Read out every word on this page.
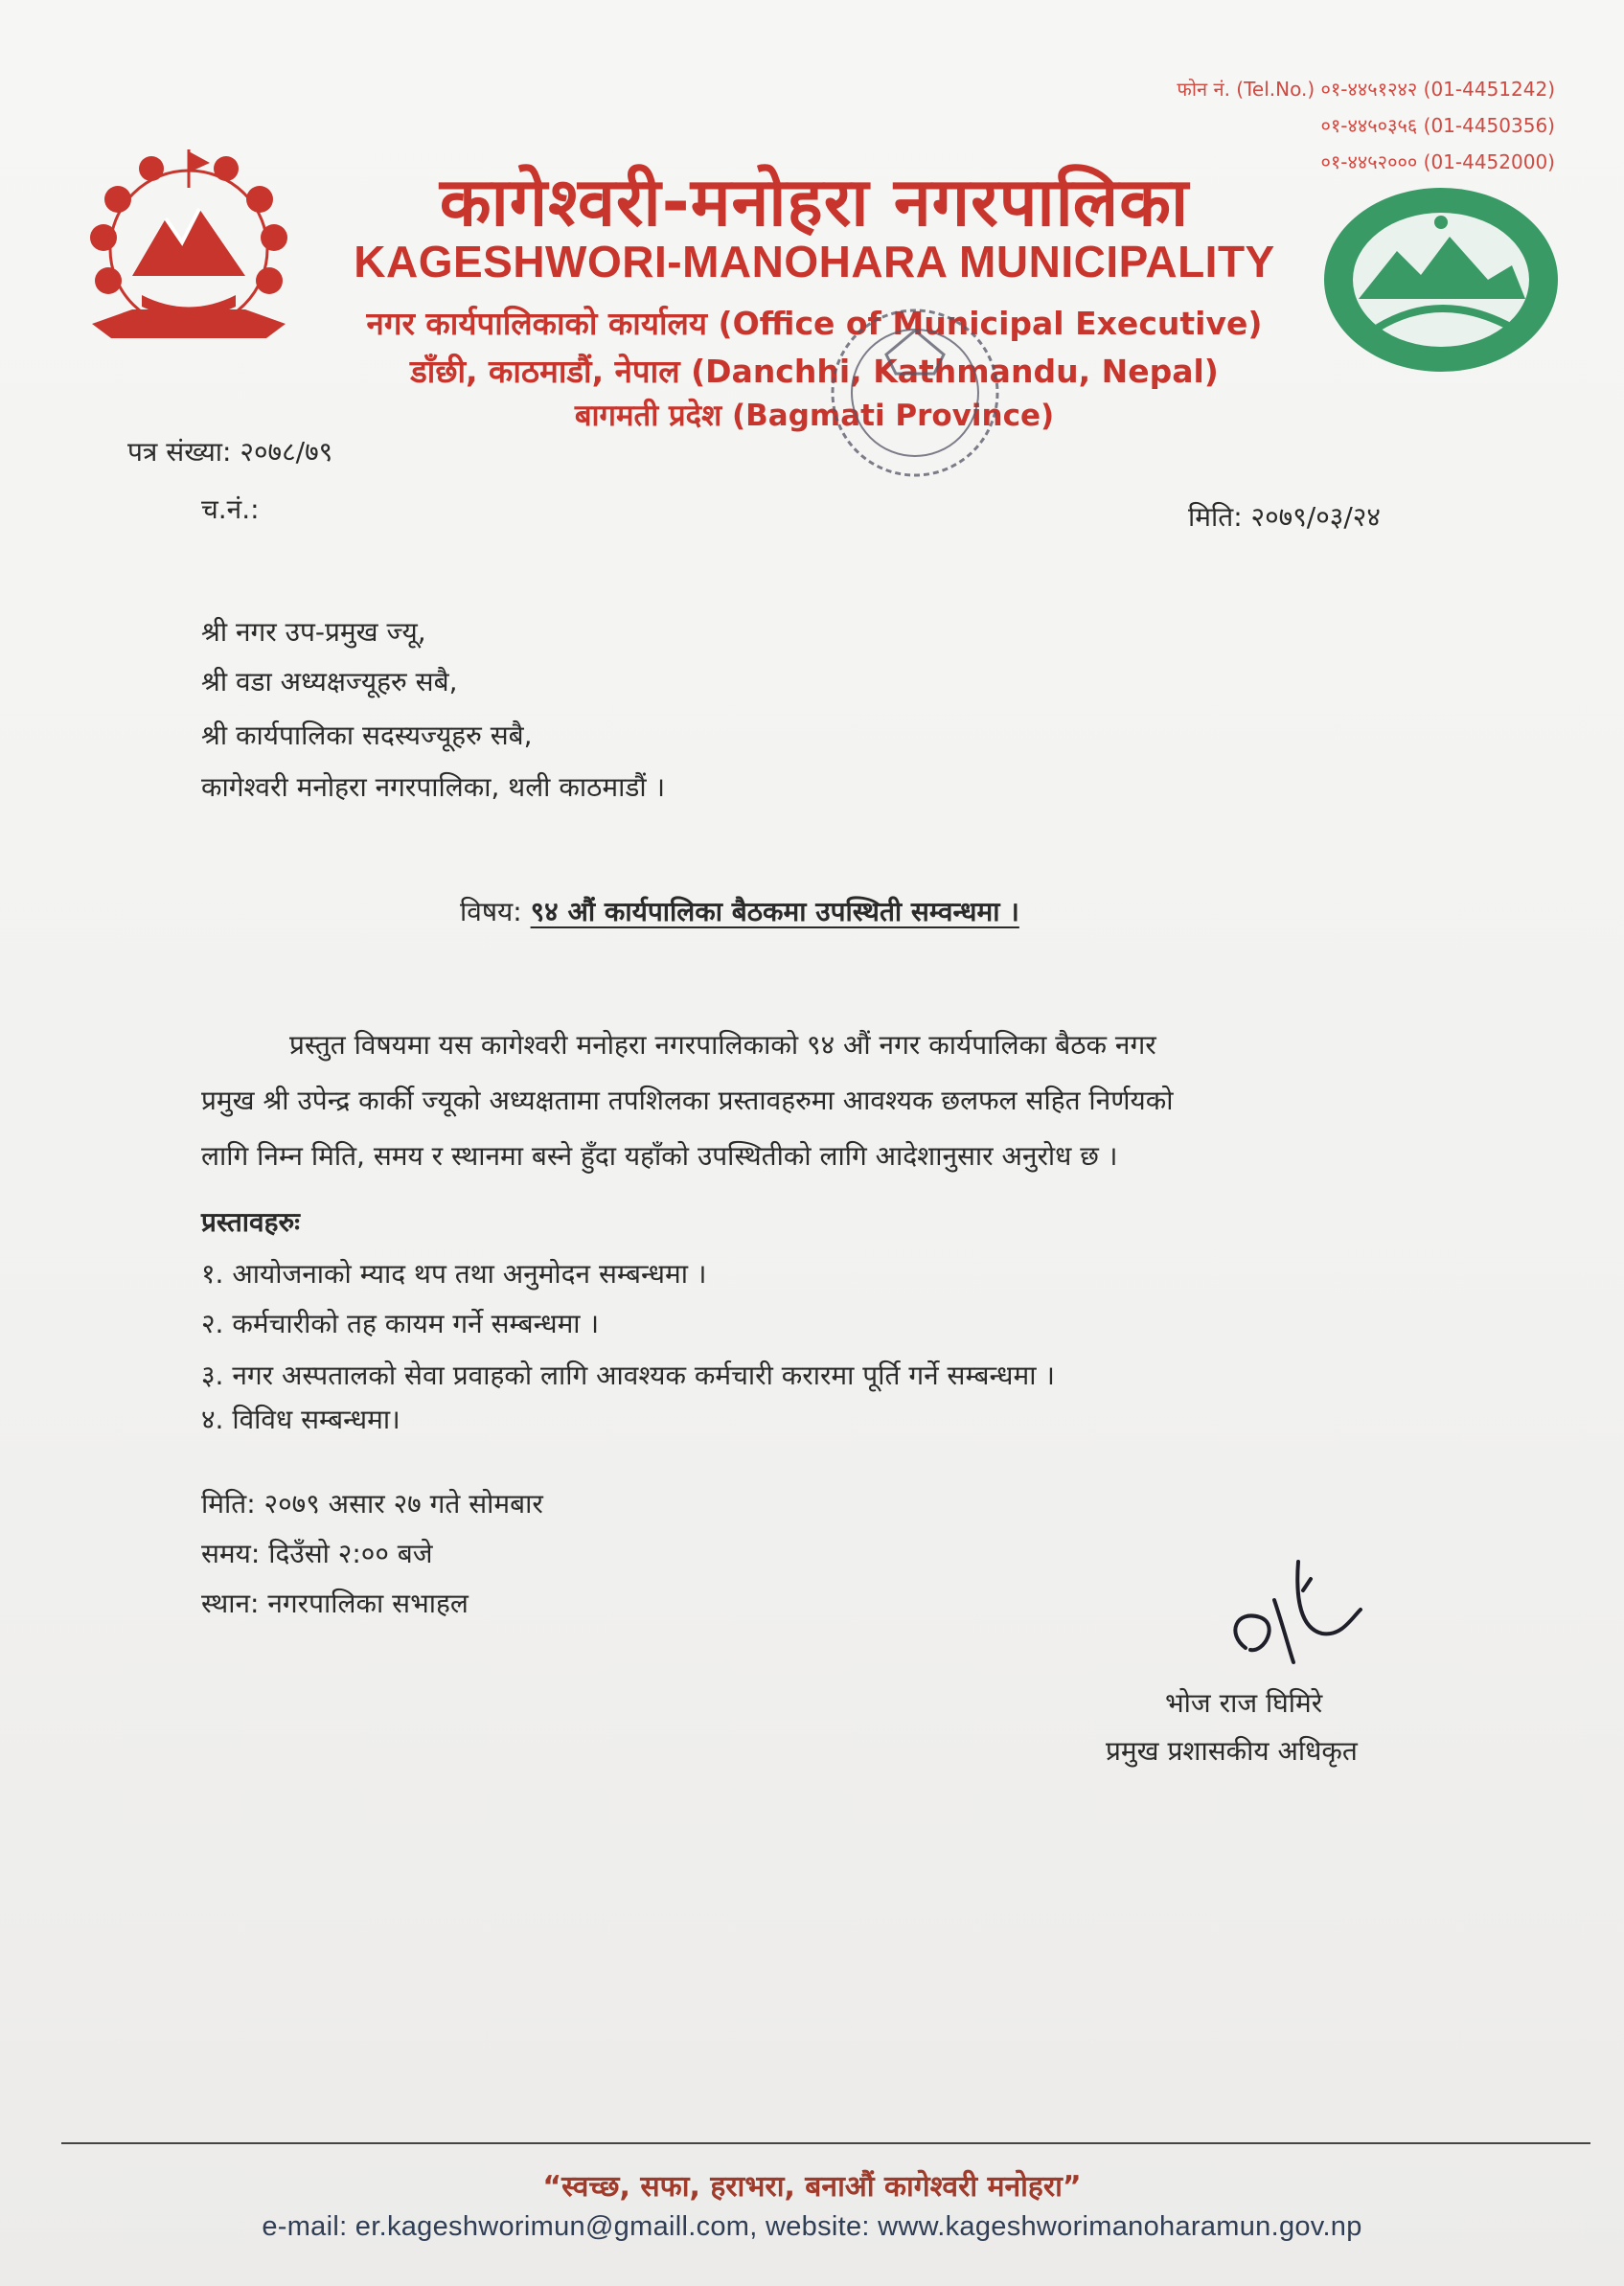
फोन नं. (Tel.No.) ०१-४४५१२४२ (01-4451242)
०१-४४५०३५६ (01-4450356)
०१-४४५२००० (01-4452000)
कागेश्वरी-मनोहरा नगरपालिका
KAGESHWORI-MANOHARA MUNICIPALITY
नगर कार्यपालिकाको कार्यालय (Office of Municipal Executive)
डाँछी, काठमाडौं, नेपाल (Danchhi, Kathmandu, Nepal)
बागमती प्रदेश (Bagmati Province)
पत्र संख्या: २०७८/७९
च.नं.:	मिति: २०७९/०३/२४
श्री नगर उप-प्रमुख ज्यू,
श्री वडा अध्यक्षज्यूहरु सबै,
श्री कार्यपालिका सदस्यज्यूहरु सबै,
कागेश्वरी मनोहरा नगरपालिका, थली काठमाडौं ।
विषय: ९४ औं कार्यपालिका बैठकमा उपस्थिती सम्वन्धमा ।

प्रस्तुत विषयमा यस कागेश्वरी मनोहरा नगरपालिकाको ९४ औं नगर कार्यपालिका बैठक नगर

प्रमुख श्री उपेन्द्र कार्की ज्यूको अध्यक्षतामा तपशिलका प्रस्तावहरुमा आवश्यक छलफल सहित निर्णयको

लागि निम्न मिति, समय र स्थानमा बस्ने हुँदा यहाँको उपस्थितीको लागि आदेशानुसार अनुरोध छ ।

प्रस्तावहरुः
१. आयोजनाको म्याद थप तथा अनुमोदन सम्बन्धमा ।
२. कर्मचारीको तह कायम गर्ने सम्बन्धमा ।
३. नगर अस्पतालको सेवा प्रवाहको लागि आवश्यक कर्मचारी करारमा पूर्ति गर्ने सम्बन्धमा ।
४. विविध सम्बन्धमा।
मिति: २०७९ असार २७ गते सोमबार
समय: दिउँसो २:०० बजे
स्थान: नगरपालिका सभाहल
भोज राज घिमिरे
प्रमुख प्रशासकीय अधिकृत
“स्वच्छ, सफा, हराभरा, बनाऔं कागेश्वरी मनोहरा”
e-mail: er.kageshworimun@gmaill.com, website: www.kageshworimanoharamun.gov.np
